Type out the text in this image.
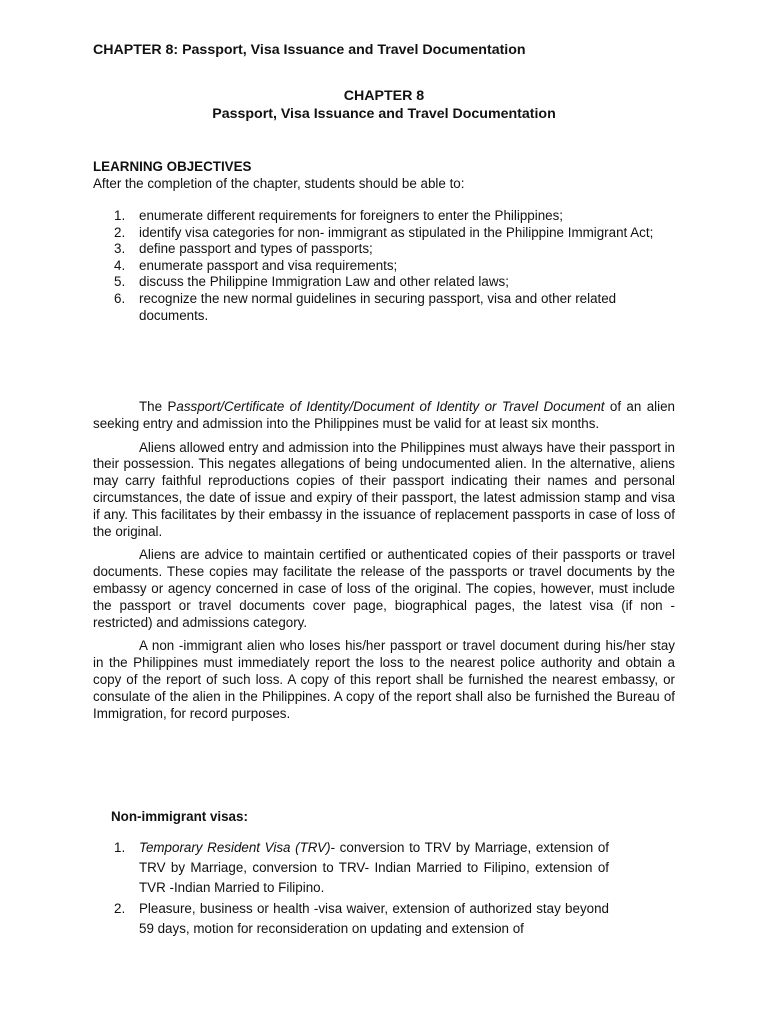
CHAPTER 8: Passport, Visa Issuance and Travel Documentation
CHAPTER 8
Passport, Visa Issuance and Travel Documentation
LEARNING OBJECTIVES
After the completion of the chapter, students should be able to:
1. enumerate different requirements for foreigners to enter the Philippines;
2. identify visa categories for non- immigrant as stipulated in the Philippine Immigrant Act;
3. define passport and types of passports;
4. enumerate passport and visa requirements;
5. discuss the Philippine Immigration Law and other related laws;
6. recognize the new normal guidelines in securing passport, visa and other related documents.

The Passport/Certificate of Identity/Document of Identity or Travel Document of an alien seeking entry and admission into the Philippines must be valid for at least six months.

Aliens allowed entry and admission into the Philippines must always have their passport in their possession. This negates allegations of being undocumented alien. In the alternative, aliens may carry faithful reproductions copies of their passport indicating their names and personal circumstances, the date of issue and expiry of their passport, the latest admission stamp and visa if any. This facilitates by their embassy in the issuance of replacement passports in case of loss of the original.

Aliens are advice to maintain certified or authenticated copies of their passports or travel documents. These copies may facilitate the release of the passports or travel documents by the embassy or agency concerned in case of loss of the original. The copies, however, must include the passport or travel documents cover page, biographical pages, the latest visa (if non -restricted) and admissions category.

A non -immigrant alien who loses his/her passport or travel document during his/her stay in the Philippines must immediately report the loss to the nearest police authority and obtain a copy of the report of such loss. A copy of this report shall be furnished the nearest embassy, or consulate of the alien in the Philippines. A copy of the report shall also be furnished the Bureau of Immigration, for record purposes.

Non-immigrant visas:
1. Temporary Resident Visa (TRV)- conversion to TRV by Marriage, extension of TRV by Marriage, conversion to TRV- Indian Married to Filipino, extension of TVR -Indian Married to Filipino.
2. Pleasure, business or health -visa waiver, extension of authorized stay beyond 59 days, motion for reconsideration on updating and extension of
